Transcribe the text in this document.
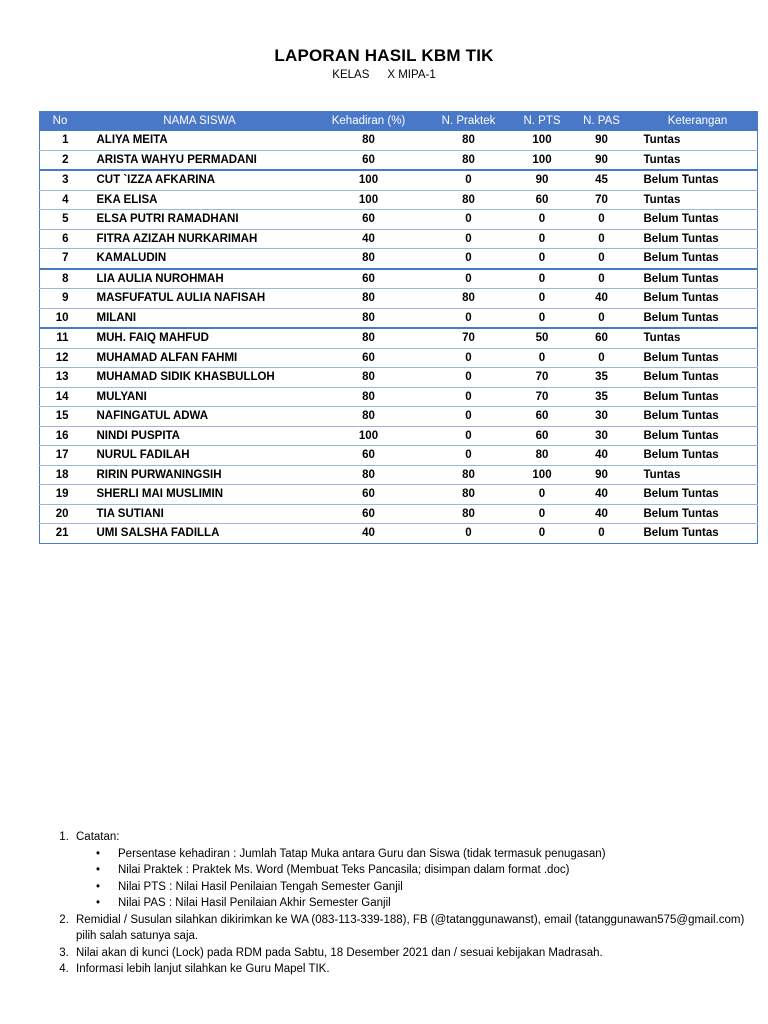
LAPORAN HASIL KBM TIK
KELAS X MIPA-1
No	NAMA SISWA	Kehadiran (%)	N. Praktek	N. PTS	N. PAS	Keterangan
1	ALIYA MEITA	80	80	100	90	Tuntas
2	ARISTA WAHYU PERMADANI	60	80	100	90	Tuntas
3	CUT `IZZA AFKARINA	100	0	90	45	Belum Tuntas
4	EKA ELISA	100	80	60	70	Tuntas
5	ELSA PUTRI RAMADHANI	60	0	0	0	Belum Tuntas
6	FITRA AZIZAH NURKARIMAH	40	0	0	0	Belum Tuntas
7	KAMALUDIN	80	0	0	0	Belum Tuntas
8	LIA AULIA NUROHMAH	60	0	0	0	Belum Tuntas
9	MASFUFATUL AULIA NAFISAH	80	80	0	40	Belum Tuntas
10	MILANI	80	0	0	0	Belum Tuntas
11	MUH. FAIQ MAHFUD	80	70	50	60	Tuntas
12	MUHAMAD ALFAN FAHMI	60	0	0	0	Belum Tuntas
13	MUHAMAD SIDIK KHASBULLOH	80	0	70	35	Belum Tuntas
14	MULYANI	80	0	70	35	Belum Tuntas
15	NAFINGATUL ADWA	80	0	60	30	Belum Tuntas
16	NINDI PUSPITA	100	0	60	30	Belum Tuntas
17	NURUL FADILAH	60	0	80	40	Belum Tuntas
18	RIRIN PURWANINGSIH	80	80	100	90	Tuntas
19	SHERLI MAI MUSLIMIN	60	80	0	40	Belum Tuntas
20	TIA SUTIANI	60	80	0	40	Belum Tuntas
21	UMI SALSHA FADILLA	40	0	0	0	Belum Tuntas
1. Catatan:
• Persentase kehadiran : Jumlah Tatap Muka antara Guru dan Siswa (tidak termasuk penugasan)
• Nilai Praktek : Praktek Ms. Word (Membuat Teks Pancasila; disimpan dalam format .doc)
• Nilai PTS : Nilai Hasil Penilaian Tengah Semester Ganjil
• Nilai PAS : Nilai Hasil Penilaian Akhir Semester Ganjil
2. Remidial / Susulan silahkan dikirimkan ke WA (083-113-339-188), FB (@tatanggunawanst), email (tatanggunawan575@gmail.com) pilih salah satunya saja.
3. Nilai akan di kunci (Lock) pada RDM pada Sabtu, 18 Desember 2021 dan / sesuai kebijakan Madrasah.
4. Informasi lebih lanjut silahkan ke Guru Mapel TIK.
